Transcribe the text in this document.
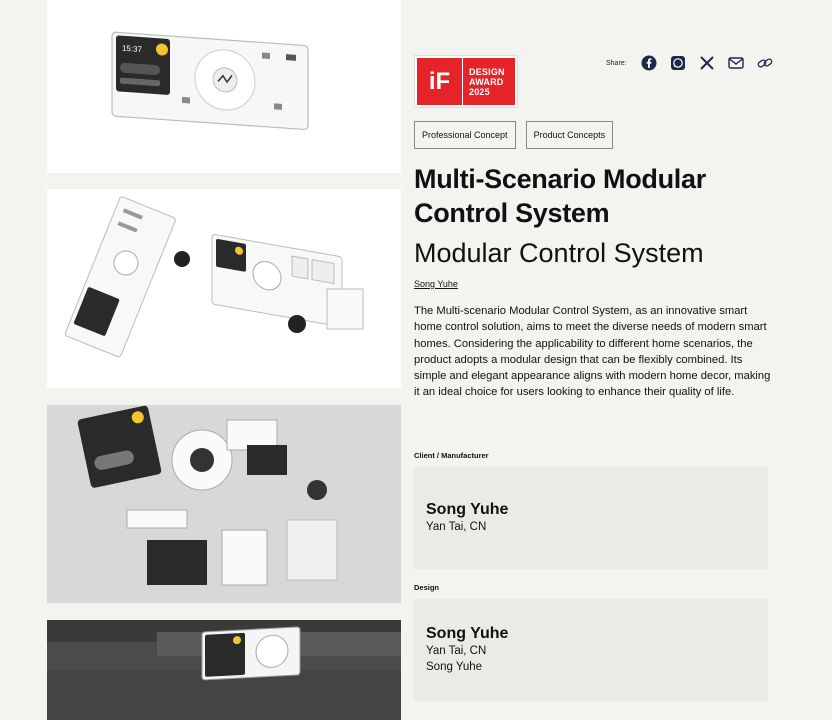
15:37
Share:
iF DESIGN
AWARD
2025
Professional Concept	Product Concepts
Multi-Scenario Modular Control System
Modular Control System
Song Yuhe

The Multi-scenario Modular Control System, as an innovative smart home control solution, aims to meet the diverse needs of modern smart homes. Considering the applicability to different home scenarios, the product adopts a modular design that can be flexibly combined. Its simple and elegant appearance aligns with modern home decor, making it an ideal choice for users looking to enhance their quality of life.

Client / Manufacturer
Song Yuhe
Yan Tai, CN
Design
Song Yuhe
Yan Tai, CN
Song Yuhe
